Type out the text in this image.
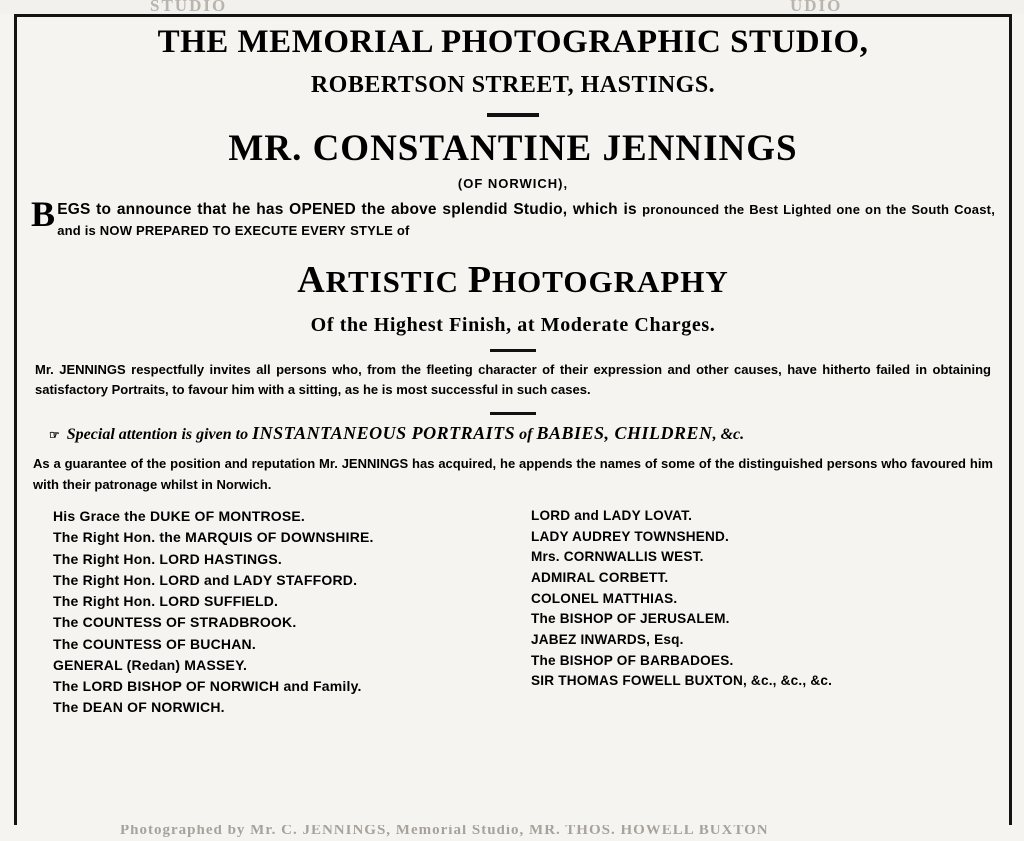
STUDIO	UDIO
THE MEMORIAL PHOTOGRAPHIC STUDIO,
ROBERTSON STREET, HASTINGS.
MR. CONSTANTINE JENNINGS
(OF NORWICH),
B EGS to announce that he has OPENED the above splendid Studio, which is pronounced the Best Lighted one on the South Coast, and is NOW PREPARED TO EXECUTE EVERY STYLE of
ARTISTIC PHOTOGRAPHY
Of the Highest Finish, at Moderate Charges.
Mr. JENNINGS respectfully invites all persons who, from the fleeting character of their expression and other causes, have hitherto failed in obtaining satisfactory Portraits, to favour him with a sitting, as he is most successful in such cases.
☞ Special attention is given to INSTANTANEOUS PORTRAITS of BABIES, CHILDREN, &c.
As a guarantee of the position and reputation Mr. JENNINGS has acquired, he appends the names of some of the distinguished persons who favoured him with their patronage whilst in Norwich.
His Grace the DUKE OF MONTROSE.
The Right Hon. the MARQUIS OF DOWNSHIRE.
The Right Hon. LORD HASTINGS.
The Right Hon. LORD and LADY STAFFORD.
The Right Hon. LORD SUFFIELD.
The COUNTESS OF STRADBROOK.
The COUNTESS OF BUCHAN.
GENERAL (Redan) MASSEY.
The LORD BISHOP OF NORWICH and Family.
The DEAN OF NORWICH.
LORD and LADY LOVAT.
LADY AUDREY TOWNSHEND.
Mrs. CORNWALLIS WEST.
ADMIRAL CORBETT.
COLONEL MATTHIAS.
The BISHOP OF JERUSALEM.
JABEZ INWARDS, Esq.
The BISHOP OF BARBADOES.
SIR THOMAS FOWELL BUXTON, &c., &c., &c.
Photographed by Mr. C. JENNINGS, Memorial Studio, MR. THOS. HOWELL BUXTON
